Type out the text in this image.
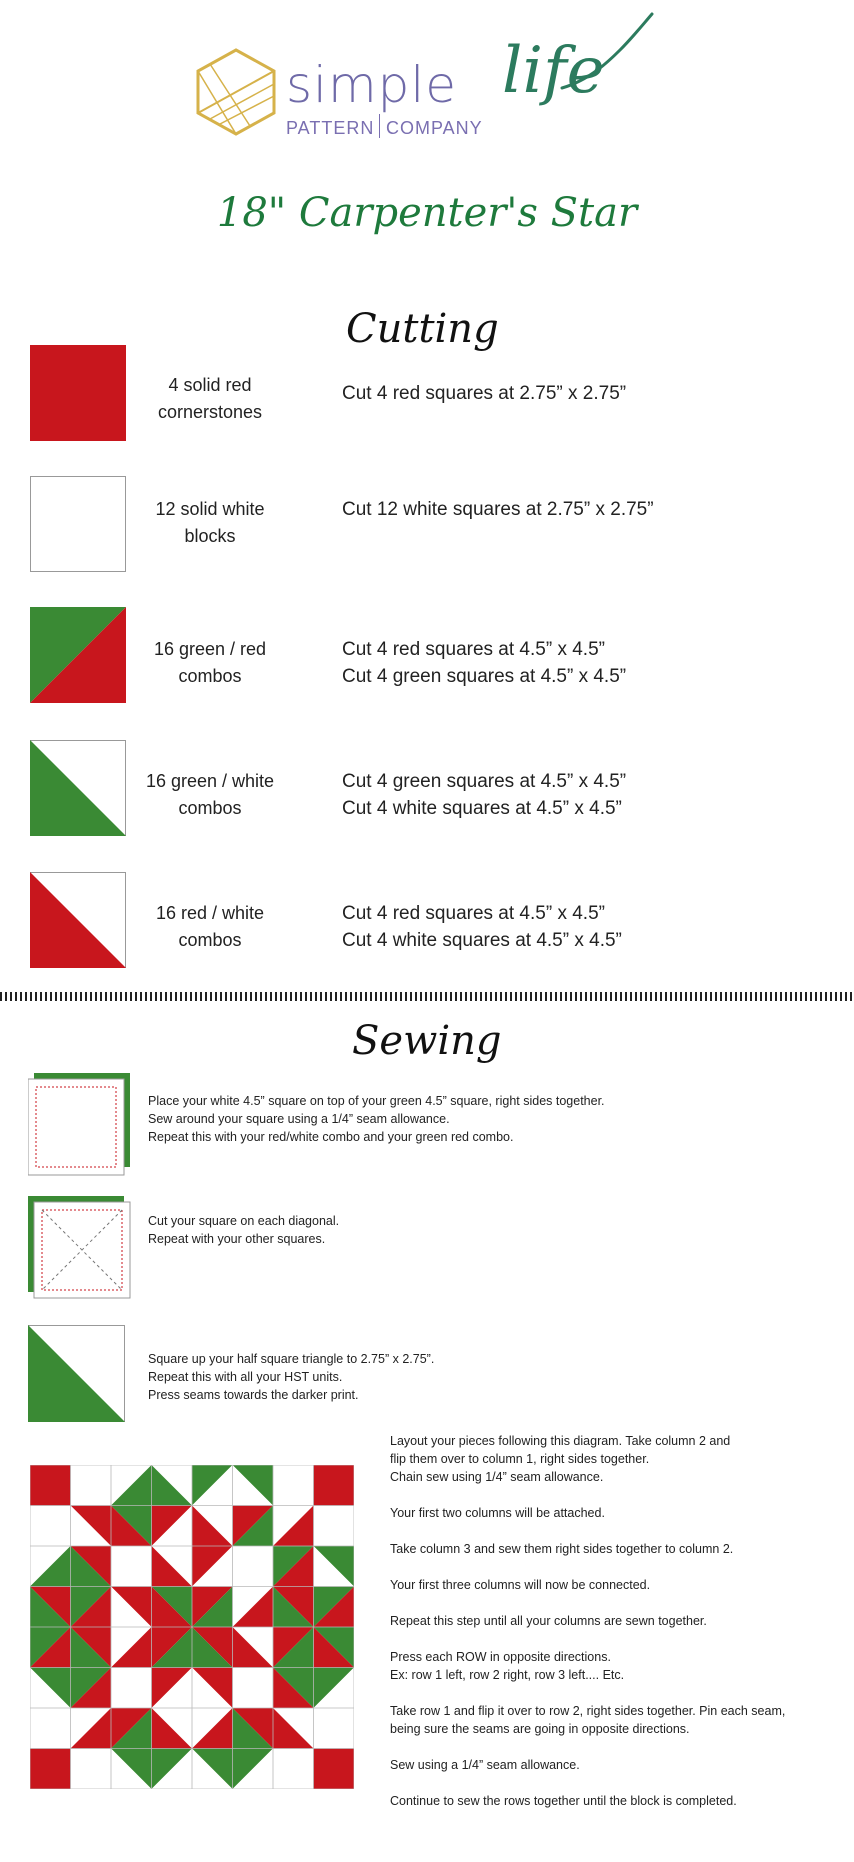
simple life
PATTERN COMPANY
18" Carpenter's Star
Cutting
4 solid red
cornerstones
Cut 4 red squares at 2.75” x 2.75”
12 solid white
blocks
Cut 12 white squares at 2.75” x 2.75”
16 green / red
combos
Cut 4 red squares at 4.5” x 4.5”
Cut 4 green squares at 4.5” x 4.5”
16 green / white
combos
Cut 4 green squares at 4.5” x 4.5”
Cut 4 white squares at 4.5” x 4.5”
16 red / white
combos
Cut 4 red squares at 4.5” x 4.5”
Cut 4 white squares at 4.5” x 4.5”
Sewing
Place your white 4.5” square on top of your green 4.5” square, right sides together.
Sew around your square using a 1/4” seam allowance.
Repeat this with your red/white combo and your green red combo.
Cut your square on each diagonal.
Repeat with your other squares.
Square up your half square triangle to 2.75” x 2.75”.
Repeat this with all your HST units.
Press seams towards the darker print.
Layout your pieces following this diagram. Take column 2 and
flip them over to column 1, right sides together.
Chain sew using 1/4” seam allowance.
Your first two columns will be attached.
Take column 3 and sew them right sides together to column 2.
Your first three columns will now be connected.
Repeat this step until all your columns are sewn together.
Press each ROW in opposite directions.
Ex: row 1 left, row 2 right, row 3 left.... Etc.
Take row 1 and flip it over to row 2, right sides together. Pin each seam,
being sure the seams are going in opposite directions.
Sew using a 1/4” seam allowance.
Continue to sew the rows together until the block is completed.
